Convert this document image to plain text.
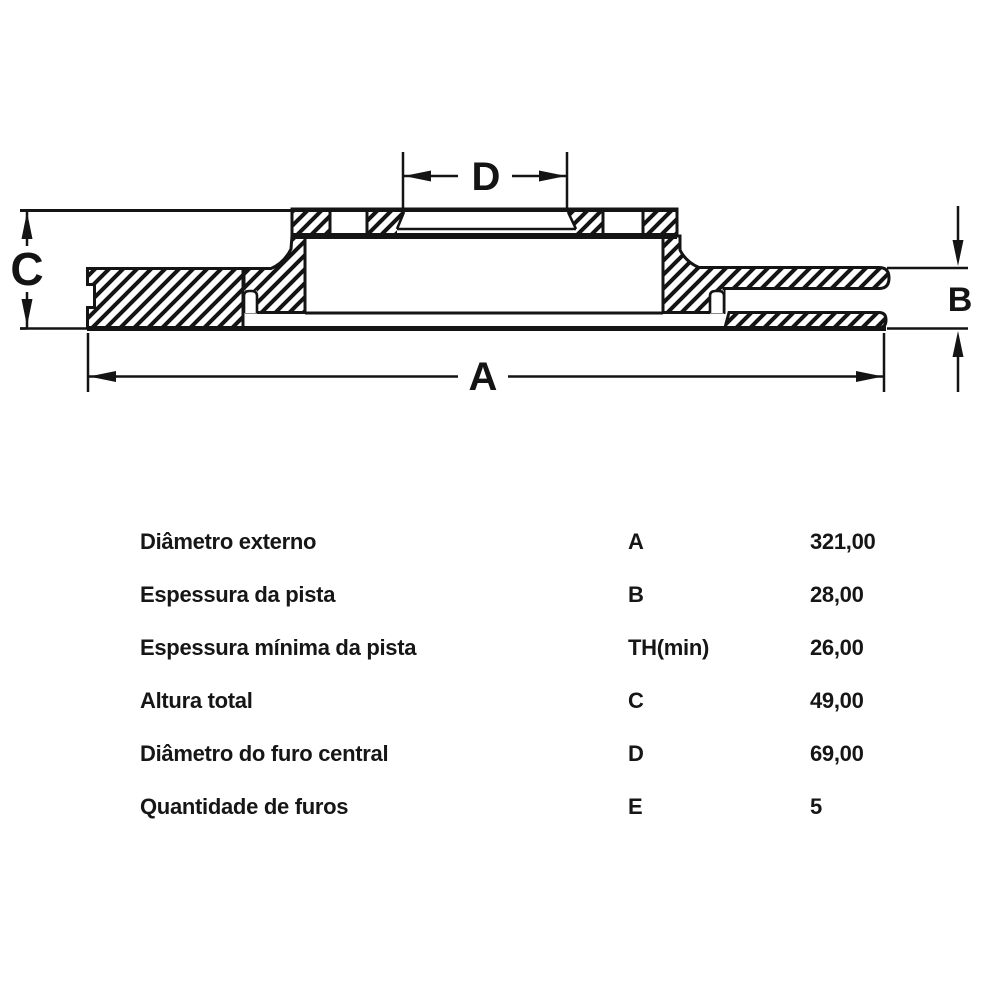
A
B
C
D
Diâmetro externo	A	321,00
Espessura da pista	B	28,00
Espessura mínima da pista	TH(min)	26,00
Altura total	C	49,00
Diâmetro do furo central	D	69,00
Quantidade de furos	E	5
